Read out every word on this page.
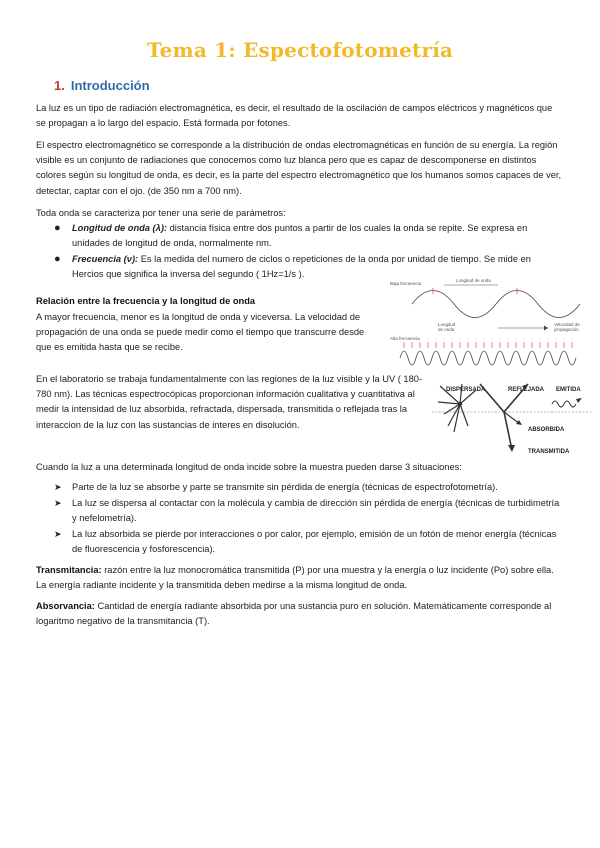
Tema 1: Espectofotometría
1. Introducción
La luz es un tipo de radiación electromagnética, es decir, el resultado de la oscilación de campos eléctricos y magnéticos que se propagan a lo largo del espacio. Está formada por fotones.
El espectro electromagnético se corresponde a la distribución de ondas electromagnéticas en función de su energía. La región visible es un conjunto de radiaciones que conocemos como luz blanca pero que es capaz de descomponerse en distintos colores según su longitud de onda, es decir, es la parte del espectro electromagnético que los humanos somos capaces de ver, detectar, captar con el ojo. (de 350 nm a 700 nm).
Toda onda se caracteriza por tener una serie de parámetros:
● Longitud de onda (λ): distancia física entre dos puntos a partir de los cuales la onda se repite. Se expresa en unidades de longitud de onda, normalmente nm.
● Frecuencia (ν): Es la medida del numero de ciclos o repeticiones de la onda por unidad de tiempo. Se mide en Hercios que significa la inversa del segundo ( 1Hz=1/s ).
Relación entre la frecuencia y la longitud de onda
A mayor frecuencia, menor es la longitud de onda y viceversa. La velocidad de propagación de una onda se puede medir como el tiempo que transcurre desde que es emitida hasta que se recibe.
Baja frecuencia
Longitud de onda
Longitud
de onda
Velocidad de
propagación
Alta frecuencia
En el laboratorio se trabaja fundamentalmente con las regiones de la luz visible y la UV ( 180-780 nm). Las técnicas espectrocópicas proporcionan información cualitativa y cuantitativa al medir la intensidad de luz absorbida, refractada, dispersada, transmitida o reflejada tras la interaccion de la luz con las sustancias de interes en disolución.
DISPERSADA	REFLEJADA EMITIDA
ABSORBIDA
TRANSMITIDA
Cuando la luz a una determinada longitud de onda incide sobre la muestra pueden darse 3 situaciones:
➤ Parte de la luz se absorbe y parte se transmite sin pérdida de energía (técnicas de espectrofotometría).
➤ La luz se dispersa al contactar con la molécula y cambia de dirección sin pérdida de energía (técnicas de turbidimetría y nefelometría).
➤ La luz absorbida se pierde por interacciones o por calor, por ejemplo, emisión de un fotón de menor energía (técnicas de fluorescencia y fosforescencia).
Transmitancia: razón entre la luz monocromática transmitida (P) por una muestra y la energía o luz incidente (Po) sobre ella. La energía radiante incidente y la transmitida deben medirse a la misma longitud de onda.
Absorvancia: Cantidad de energía radiante absorbida por una sustancia puro en solución. Matemáticamente corresponde al logaritmo negativo de la transmitancia (T).
